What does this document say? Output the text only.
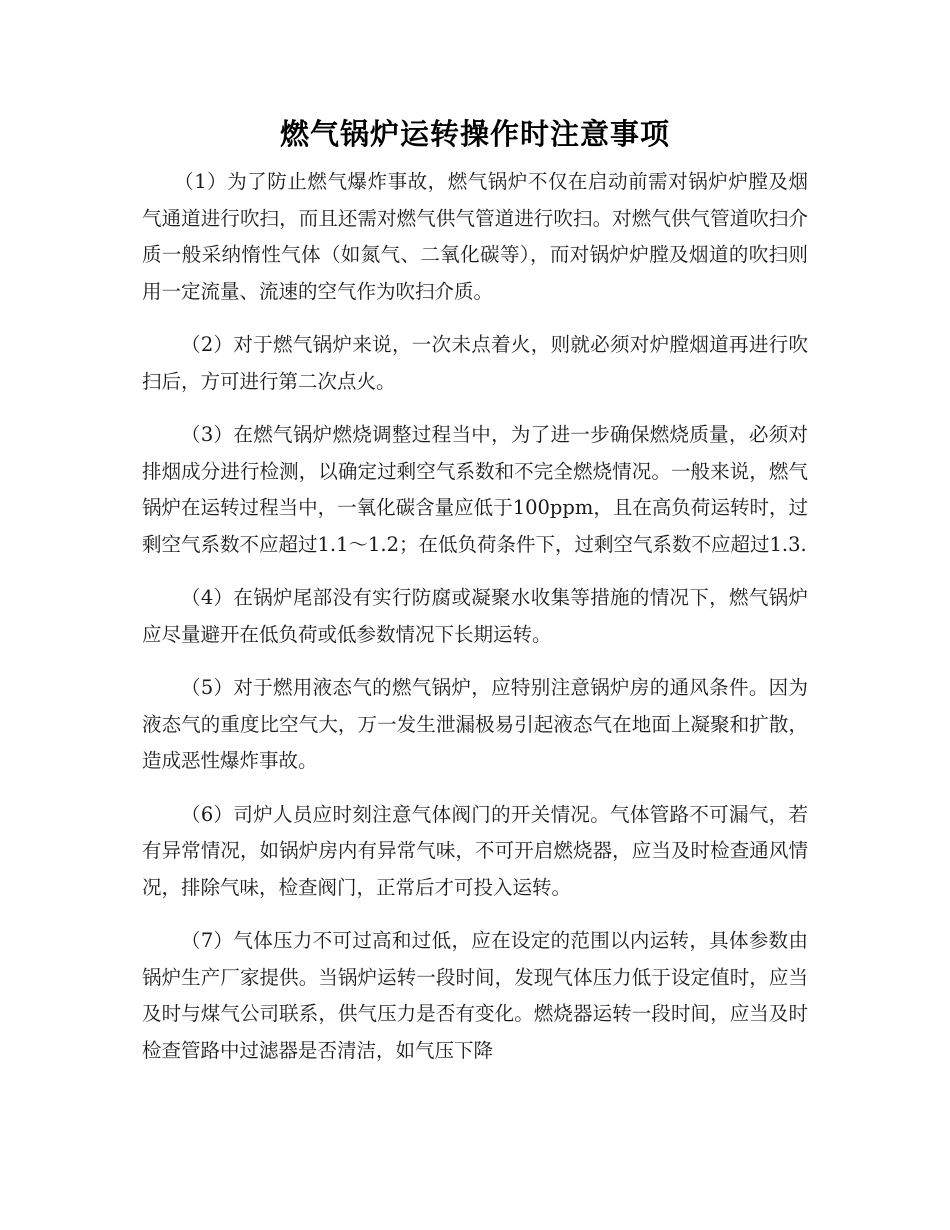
燃气锅炉运转操作时注意事项

（1）为了防止燃气爆炸事故，燃气锅炉不仅在启动前需对锅炉炉膛及烟气通道进行吹扫，而且还需对燃气供气管道进行吹扫。对燃气供气管道吹扫介质一般采纳惰性气体（如氮气、二氧化碳等），而对锅炉炉膛及烟道的吹扫则用一定流量、流速的空气作为吹扫介质。

（2）对于燃气锅炉来说，一次未点着火，则就必须对炉膛烟道再进行吹扫后，方可进行第二次点火。

（3）在燃气锅炉燃烧调整过程当中，为了进一步确保燃烧质量，必须对排烟成分进行检测，以确定过剩空气系数和不完全燃烧情况。一般来说，燃气锅炉在运转过程当中，一氧化碳含量应低于100ppm，且在高负荷运转时，过剩空气系数不应超过1.1～1.2；在低负荷条件下，过剩空气系数不应超过1.3.

（4）在锅炉尾部没有实行防腐或凝聚水收集等措施的情况下，燃气锅炉应尽量避开在低负荷或低参数情况下长期运转。

（5）对于燃用液态气的燃气锅炉，应特别注意锅炉房的通风条件。因为液态气的重度比空气大，万一发生泄漏极易引起液态气在地面上凝聚和扩散，造成恶性爆炸事故。

（6）司炉人员应时刻注意气体阀门的开关情况。气体管路不可漏气，若有异常情况，如锅炉房内有异常气味，不可开启燃烧器，应当及时检查通风情况，排除气味，检查阀门，正常后才可投入运转。

（7）气体压力不可过高和过低，应在设定的范围以内运转，具体参数由锅炉生产厂家提供。当锅炉运转一段时间，发现气体压力低于设定值时，应当及时与煤气公司联系，供气压力是否有变化。燃烧器运转一段时间，应当及时检查管路中过滤器是否清洁，如气压下降
